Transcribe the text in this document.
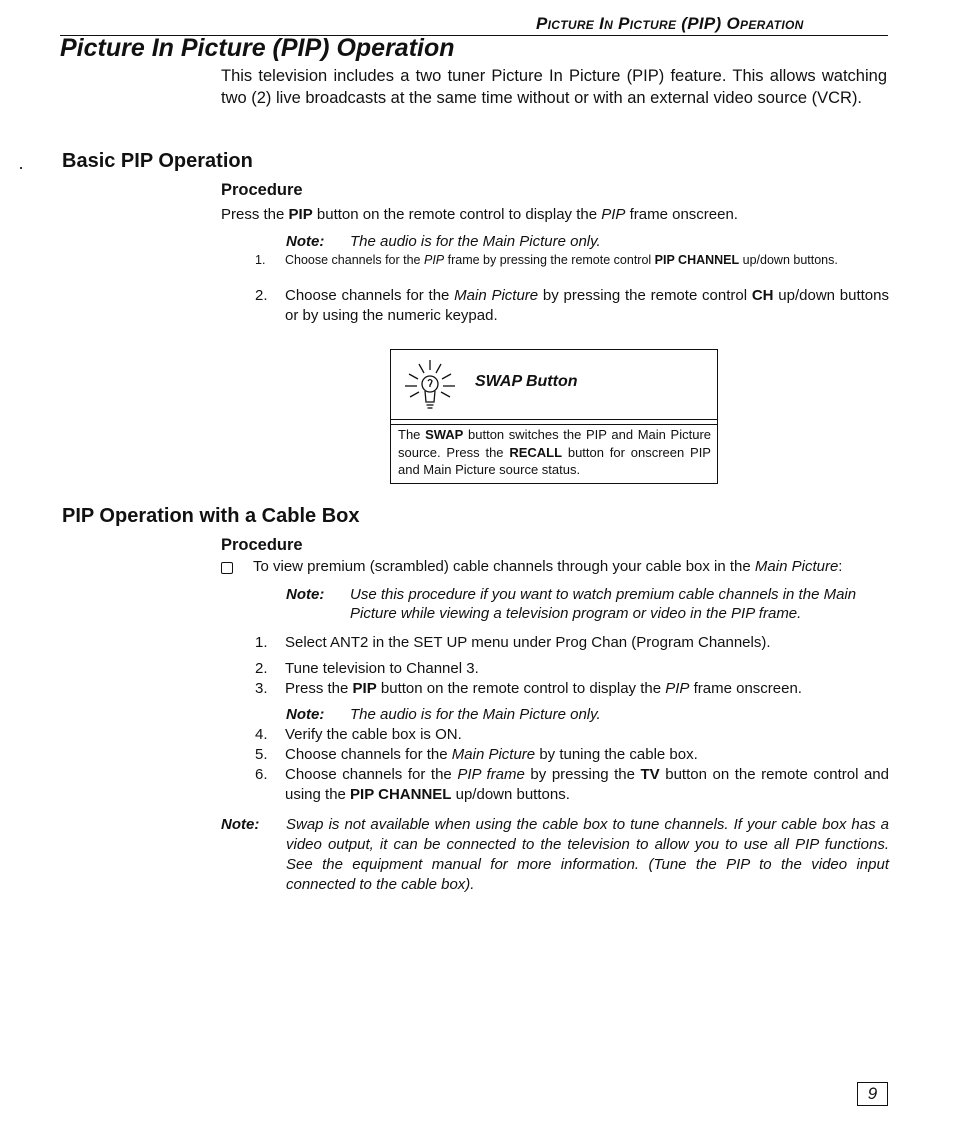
Picture In Picture (PIP) Operation
Picture In Picture (PIP) Operation

This television includes a two tuner Picture In Picture (PIP) feature. This allows watching two (2) live broadcasts at the same time without or with an external video source (VCR).

Basic PIP Operation
Procedure
Press the PIP button on the remote control to display the PIP frame onscreen.
Note: The audio is for the Main Picture only.
1. Choose channels for the PIP frame by pressing the remote control PIP CHANNEL up/down buttons.
2. Choose channels for the Main Picture by pressing the remote control CH up/down buttons or by using the numeric keypad.
SWAP Button

The SWAP button switches the PIP and Main Picture source. Press the RECALL button for onscreen PIP and Main Picture source status.

PIP Operation with a Cable Box
Procedure
To view premium (scrambled) cable channels through your cable box in the Main Picture:
Note: Use this procedure if you want to watch premium cable channels in the Main
Picture while viewing a television program or video in the PIP frame.
1. Select ANT2 in the SET UP menu under Prog Chan (Program Channels).
2. Tune television to Channel 3.
3. Press the PIP button on the remote control to display the PIP frame onscreen.
Note: The audio is for the Main Picture only.
4. Verify the cable box is ON.
5. Choose channels for the Main Picture by tuning the cable box.
6. Choose channels for the PIP frame by pressing the TV button on the remote control and using the PIP CHANNEL up/down buttons.
Note: Swap is not available when using the cable box to tune channels. If your cable box has a video output, it can be connected to the television to allow you to use all PIP functions. See the equipment manual for more information. (Tune the PIP to the video input connected to the cable box).

9
